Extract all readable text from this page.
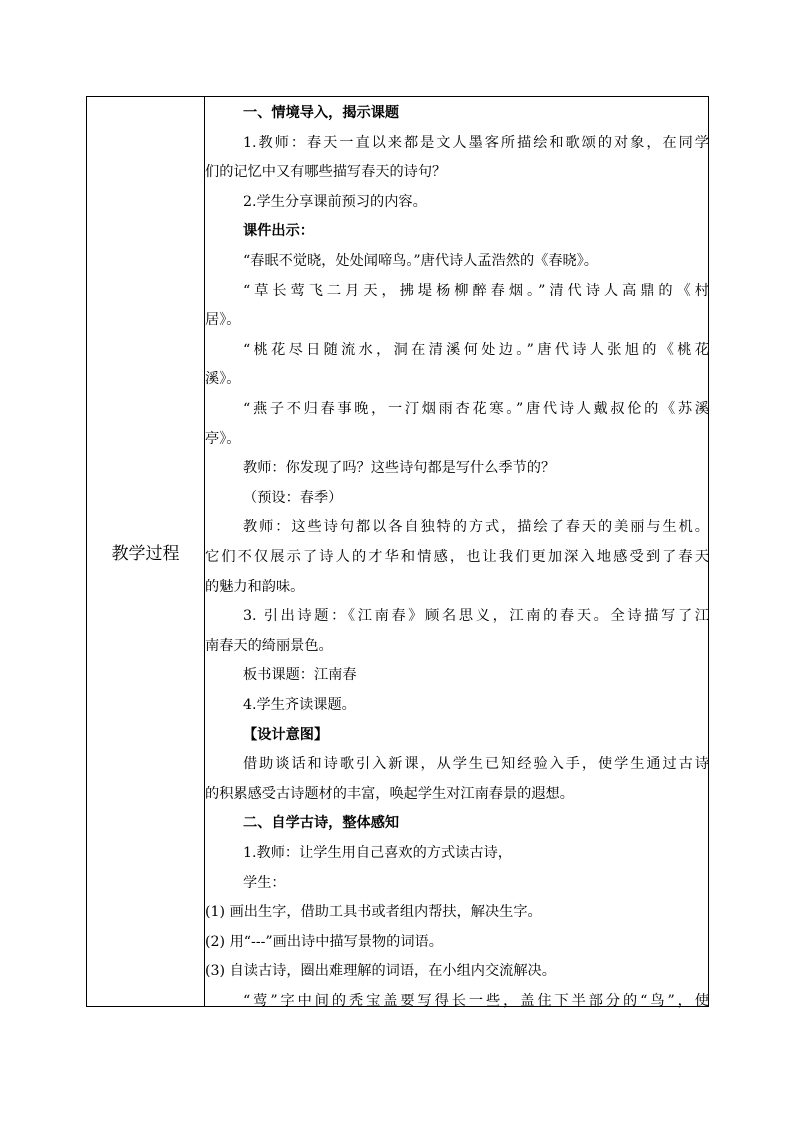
教学过程
一、情境导入，揭示课题
1.教师：春天一直以来都是文人墨客所描绘和歌颂的对象，在同学
们的记忆中又有哪些描写春天的诗句？
2.学生分享课前预习的内容。
课件出示：
“春眠不觉晓，处处闻啼鸟。”唐代诗人孟浩然的《春晓》。
“草长莺飞二月天，拂堤杨柳醉春烟。”清代诗人高鼎的《村
居》。
“桃花尽日随流水，洞在清溪何处边。”唐代诗人张旭的《桃花
溪》。
“燕子不归春事晚，一汀烟雨杏花寒。”唐代诗人戴叔伦的《苏溪
亭》。
教师：你发现了吗？这些诗句都是写什么季节的？
（预设：春季）
教师：这些诗句都以各自独特的方式，描绘了春天的美丽与生机。
它们不仅展示了诗人的才华和情感，也让我们更加深入地感受到了春天
的魅力和韵味。
3. 引出诗题：《江南春》顾名思义，江南的春天。全诗描写了江
南春天的绮丽景色。
板书课题：江南春
4.学生齐读课题。
【设计意图】
借助谈话和诗歌引入新课，从学生已知经验入手，使学生通过古诗
的积累感受古诗题材的丰富，唤起学生对江南春景的遐想。
二、自学古诗，整体感知
1.教师：让学生用自己喜欢的方式读古诗，
学生：
(1) 画出生字，借助工具书或者组内帮扶，解决生字。
(2) 用“---”画出诗中描写景物的词语。
(3) 自读古诗，圈出难理解的词语，在小组内交流解决。
“莺”字中间的秃宝盖要写得长一些，盖住下半部分的“鸟”，使
